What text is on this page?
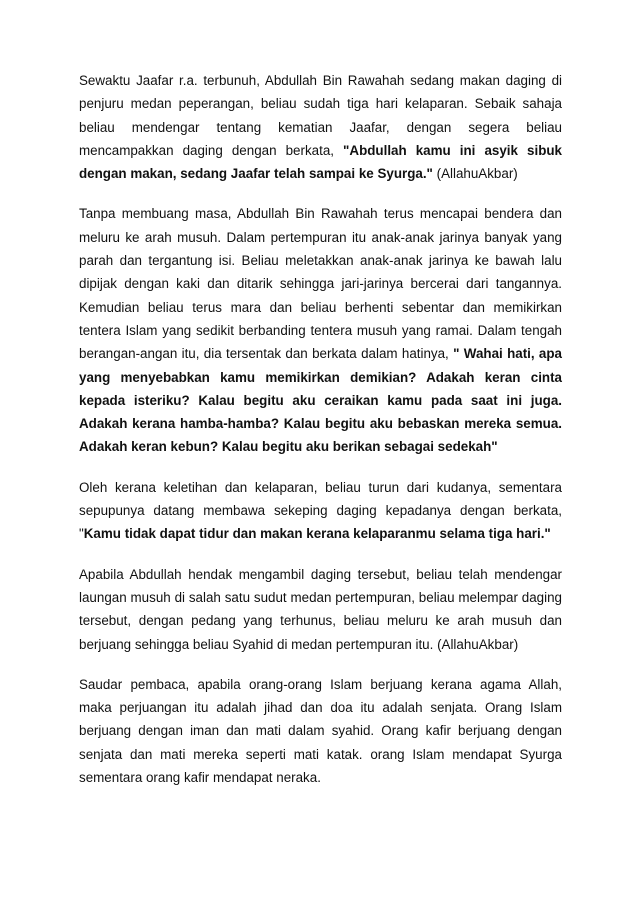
Sewaktu Jaafar r.a. terbunuh, Abdullah Bin Rawahah sedang makan daging di penjuru medan peperangan, beliau sudah tiga hari kelaparan. Sebaik sahaja beliau mendengar tentang kematian Jaafar, dengan segera beliau mencampakkan daging dengan berkata, "Abdullah kamu ini asyik sibuk dengan makan, sedang Jaafar telah sampai ke Syurga." (AllahuAkbar)

Tanpa membuang masa, Abdullah Bin Rawahah terus mencapai bendera dan meluru ke arah musuh. Dalam pertempuran itu anak-anak jarinya banyak yang parah dan tergantung isi. Beliau meletakkan anak-anak jarinya ke bawah lalu dipijak dengan kaki dan ditarik sehingga jari-jarinya bercerai dari tangannya. Kemudian beliau terus mara dan beliau berhenti sebentar dan memikirkan tentera Islam yang sedikit berbanding tentera musuh yang ramai. Dalam tengah berangan-angan itu, dia tersentak dan berkata dalam hatinya, " Wahai hati, apa yang menyebabkan kamu memikirkan demikian? Adakah keran cinta kepada isteriku? Kalau begitu aku ceraikan kamu pada saat ini juga. Adakah kerana hamba-hamba? Kalau begitu aku bebaskan mereka semua. Adakah keran kebun? Kalau begitu aku berikan sebagai sedekah"

Oleh kerana keletihan dan kelaparan, beliau turun dari kudanya, sementara sepupunya datang membawa sekeping daging kepadanya dengan berkata, "Kamu tidak dapat tidur dan makan kerana kelaparanmu selama tiga hari."

Apabila Abdullah hendak mengambil daging tersebut, beliau telah mendengar laungan musuh di salah satu sudut medan pertempuran, beliau melempar daging tersebut, dengan pedang yang terhunus, beliau meluru ke arah musuh dan berjuang sehingga beliau Syahid di medan pertempuran itu. (AllahuAkbar)

Saudar pembaca, apabila orang-orang Islam berjuang kerana agama Allah, maka perjuangan itu adalah jihad dan doa itu adalah senjata. Orang Islam berjuang dengan iman dan mati dalam syahid. Orang kafir berjuang dengan senjata dan mati mereka seperti mati katak. orang Islam mendapat Syurga sementara orang kafir mendapat neraka.
